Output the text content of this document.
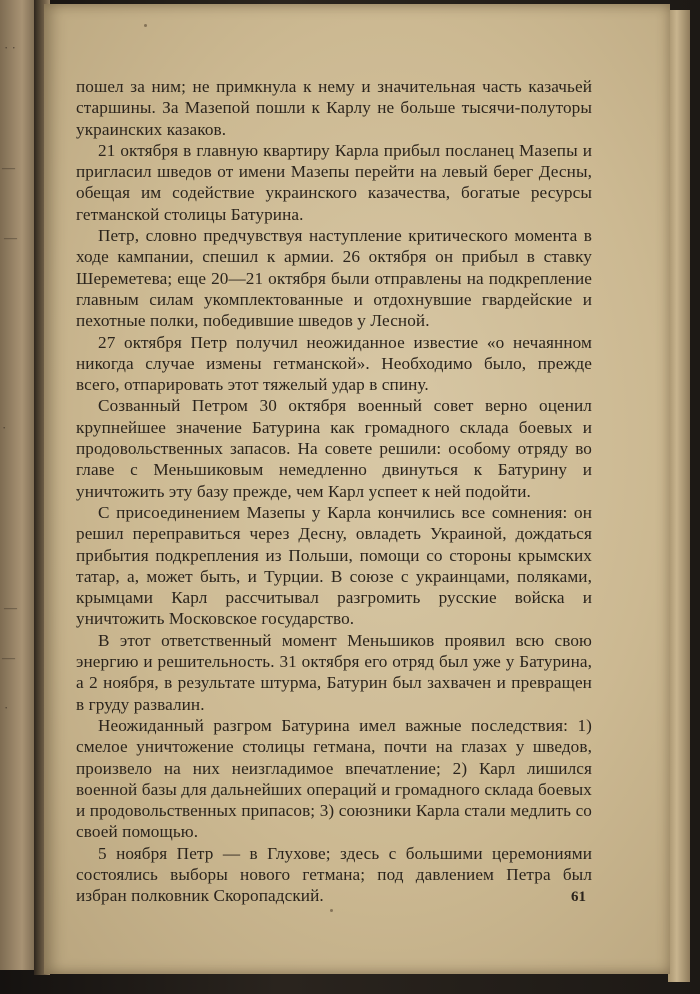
· ·
—
—
·
—
—
·

пошел за ним; не примкнула к нему и значительная часть казачьей старшины. За Мазепой пошли к Карлу не больше тысячи-полуторы украинских казаков.

21 октября в главную квартиру Карла прибыл посланец Мазепы и пригласил шведов от имени Мазепы перейти на левый берег Десны, обещая им содействие украинского казачества, богатые ресурсы гетманской столицы Батурина.

Петр, словно предчувствуя наступление критического момента в ходе кампании, спешил к армии. 26 октября он прибыл в ставку Шереметева; еще 20—21 октября были отправлены на подкрепление главным силам укомплектованные и отдохнувшие гвардейские и пехотные полки, победившие шведов у Лесной.

27 октября Петр получил неожиданное известие «о нечаянном никогда случае измены гетманской». Необходимо было, прежде всего, отпарировать этот тяжелый удар в спину.

Созванный Петром 30 октября военный совет верно оценил крупнейшее значение Батурина как громадного склада боевых и продовольственных запасов. На совете решили: особому отряду во главе с Меньшиковым немедленно двинуться к Батурину и уничтожить эту базу прежде, чем Карл успеет к ней подойти.

С присоединением Мазепы у Карла кончились все сомнения: он решил переправиться через Десну, овладеть Украиной, дождаться прибытия подкрепления из Польши, помощи со стороны крымских татар, а, может быть, и Турции. В союзе с украинцами, поляками, крымцами Карл рассчитывал разгромить русские войска и уничтожить Московское государство.

В этот ответственный момент Меньшиков проявил всю свою энергию и решительность. 31 октября его отряд был уже у Батурина, а 2 ноября, в результате штурма, Батурин был захвачен и превращен в груду развалин.

Неожиданный разгром Батурина имел важные последствия: 1) смелое уничтожение столицы гетмана, почти на глазах у шведов, произвело на них неизгладимое впечатление; 2) Карл лишился военной базы для дальнейших операций и громадного склада боевых и продовольственных припасов; 3) союзники Карла стали медлить со своей помощью.

5 ноября Петр — в Глухове; здесь с большими церемониями состоялись выборы нового гетмана; под давлением Петра был избран полковник Скоропадский.	61
